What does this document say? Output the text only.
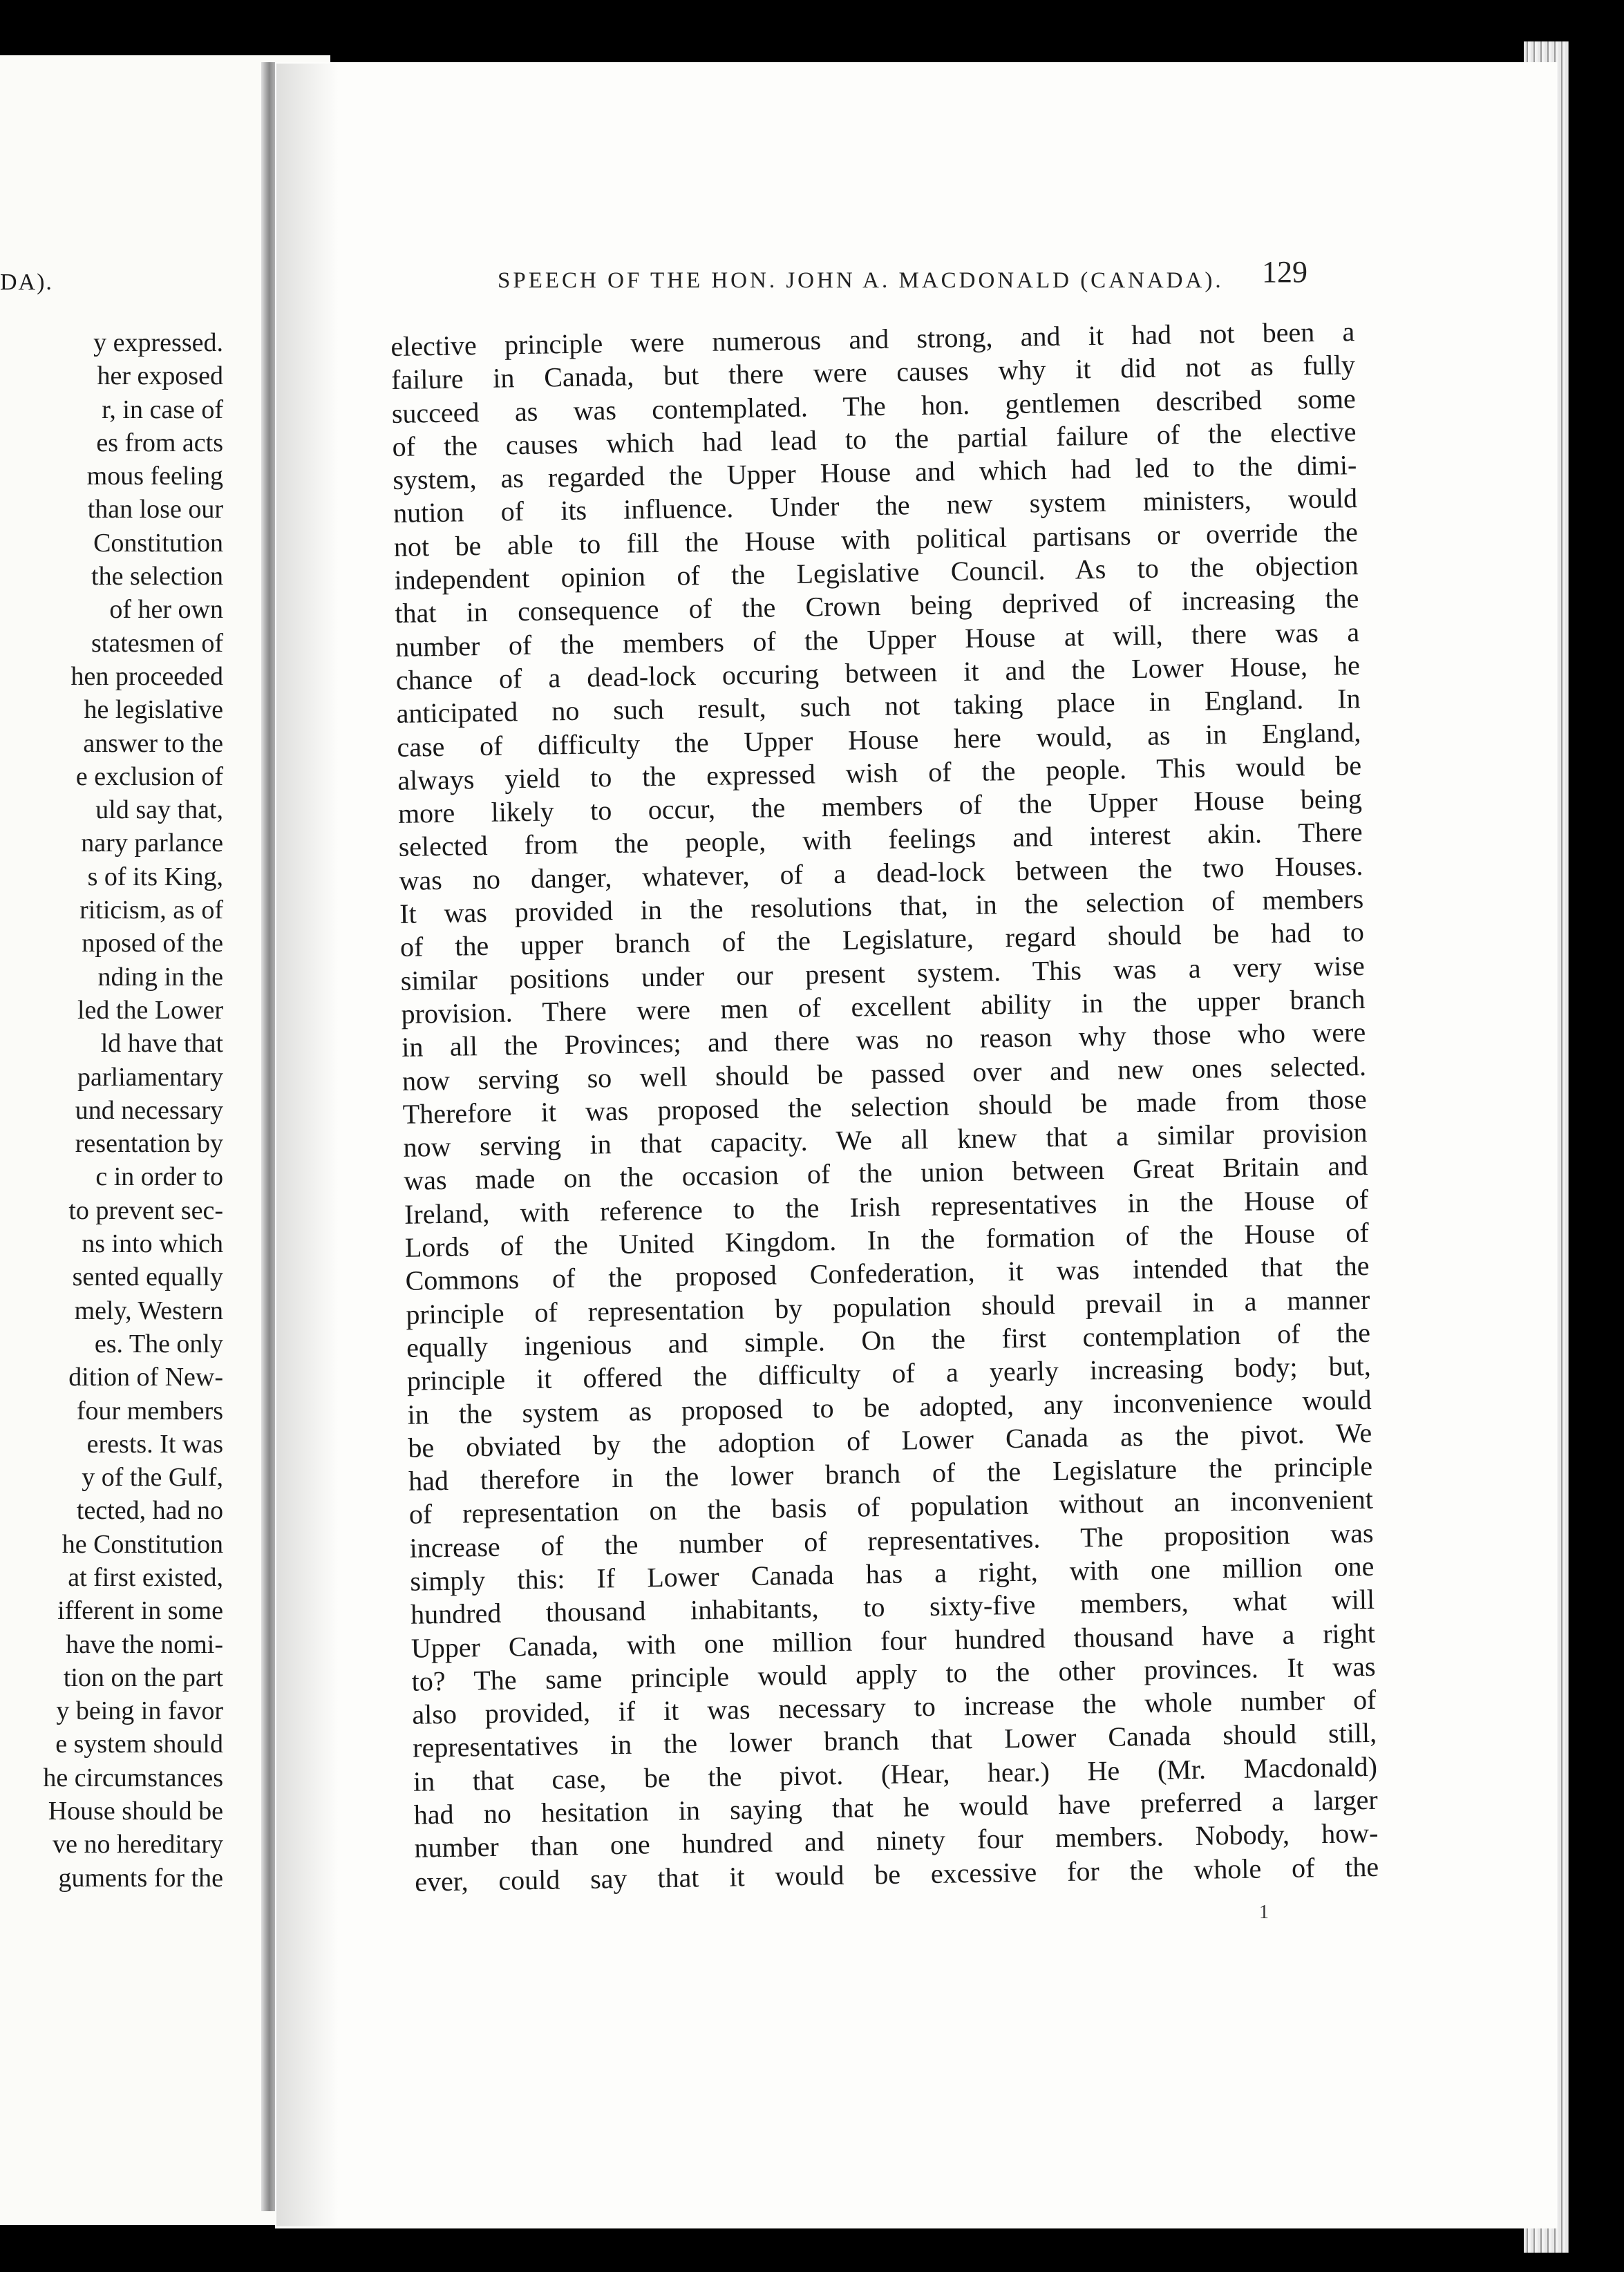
DA).
y expressed.
her exposed
r, in case of
es from acts
mous feeling
than lose our
Constitution
the selection
of her own
statesmen of
hen proceeded
he legislative
answer to the
e exclusion of
uld say that,
nary parlance
s of its King,
riticism, as of
nposed of the
nding in the
led the Lower
ld have that
parliamentary
und necessary
resentation by
c in order to
to prevent sec-
ns into which
sented equally
mely, Western
es. The only
dition of New-
four members
erests. It was
y of the Gulf,
tected, had no
he Constitution
at first existed,
ifferent in some
have the nomi-
tion on the part
y being in favor
e system should
he circumstances
House should be
ve no hereditary
guments for the
SPEECH OF THE HON. JOHN A. MACDONALD (CANADA). 129
elective principle were numerous and strong, and it had not been a
failure in Canada, but there were causes why it did not as fully
succeed as was contemplated. The hon. gentlemen described some
of the causes which had lead to the partial failure of the elective
system, as regarded the Upper House and which had led to the dimi-
nution of its influence. Under the new system ministers, would
not be able to fill the House with political partisans or override the
independent opinion of the Legislative Council. As to the objection
that in consequence of the Crown being deprived of increasing the
number of the members of the Upper House at will, there was a
chance of a dead-lock occuring between it and the Lower House, he
anticipated no such result, such not taking place in England. In
case of difficulty the Upper House here would, as in England,
always yield to the expressed wish of the people. This would be
more likely to occur, the members of the Upper House being
selected from the people, with feelings and interest akin. There
was no danger, whatever, of a dead-lock between the two Houses.
It was provided in the resolutions that, in the selection of members
of the upper branch of the Legislature, regard should be had to
similar positions under our present system. This was a very wise
provision. There were men of excellent ability in the upper branch
in all the Provinces; and there was no reason why those who were
now serving so well should be passed over and new ones selected.
Therefore it was proposed the selection should be made from those
now serving in that capacity. We all knew that a similar provision
was made on the occasion of the union between Great Britain and
Ireland, with reference to the Irish representatives in the House of
Lords of the United Kingdom. In the formation of the House of
Commons of the proposed Confederation, it was intended that the
principle of representation by population should prevail in a manner
equally ingenious and simple. On the first contemplation of the
principle it offered the difficulty of a yearly increasing body; but,
in the system as proposed to be adopted, any inconvenience would
be obviated by the adoption of Lower Canada as the pivot. We
had therefore in the lower branch of the Legislature the principle
of representation on the basis of population without an inconvenient
increase of the number of representatives. The proposition was
simply this: If Lower Canada has a right, with one million one
hundred thousand inhabitants, to sixty-five members, what will
Upper Canada, with one million four hundred thousand have a right
to? The same principle would apply to the other provinces. It was
also provided, if it was necessary to increase the whole number of
representatives in the lower branch that Lower Canada should still,
in that case, be the pivot. (Hear, hear.) He (Mr. Macdonald)
had no hesitation in saying that he would have preferred a larger
number than one hundred and ninety four members. Nobody, how-
ever, could say that it would be excessive for the whole of the
1
